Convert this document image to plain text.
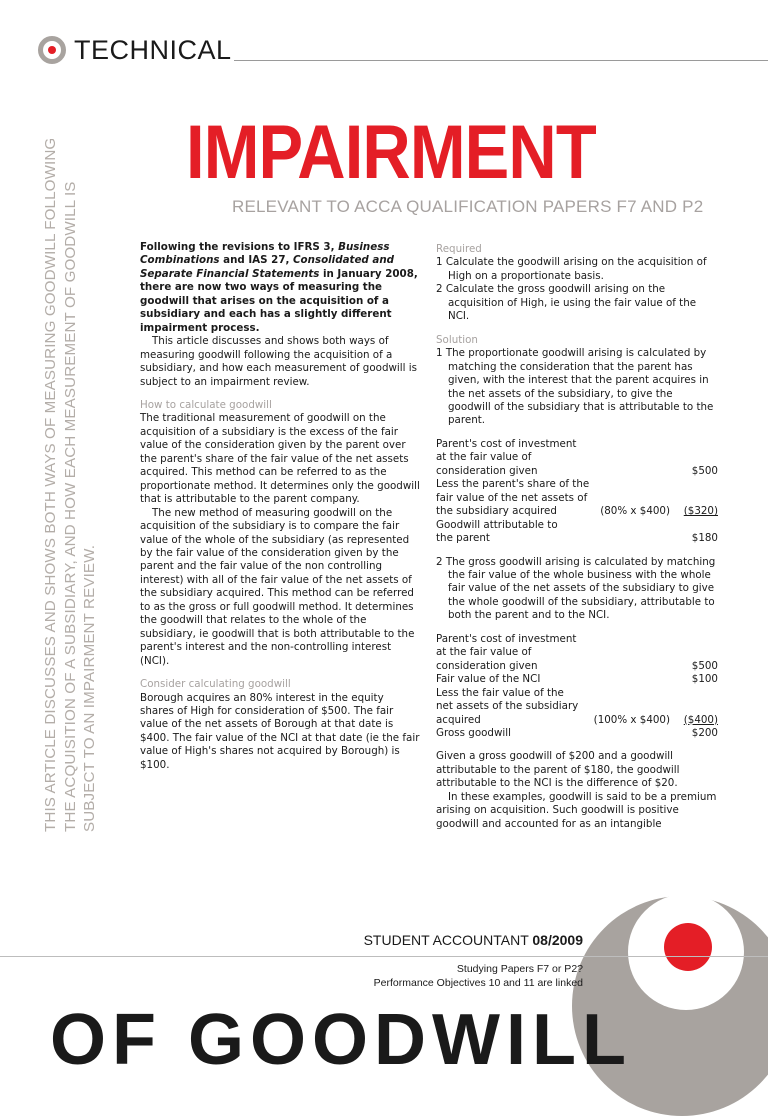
TECHNICAL
THIS ARTICLE DISCUSSES AND SHOWS BOTH WAYS OF MEASURING GOODWILL FOLLOWING THE ACQUISITION OF A SUBSIDIARY, AND HOW EACH MEASUREMENT OF GOODWILL IS SUBJECT TO AN IMPAIRMENT REVIEW.
IMPAIRMENT
RELEVANT TO ACCA QUALIFICATION PAPERS F7 AND P2

Following the revisions to IFRS 3, Business Combinations and IAS 27, Consolidated and Separate Financial Statements in January 2008, there are now two ways of measuring the goodwill that arises on the acquisition of a subsidiary and each has a slightly different impairment process.

This article discusses and shows both ways of measuring goodwill following the acquisition of a subsidiary, and how each measurement of goodwill is subject to an impairment review.

How to calculate goodwill

The traditional measurement of goodwill on the acquisition of a subsidiary is the excess of the fair value of the consideration given by the parent over the parent's share of the fair value of the net assets acquired. This method can be referred to as the proportionate method. It determines only the goodwill that is attributable to the parent company.

The new method of measuring goodwill on the acquisition of the subsidiary is to compare the fair value of the whole of the subsidiary (as represented by the fair value of the consideration given by the parent and the fair value of the non controlling interest) with all of the fair value of the net assets of the subsidiary acquired. This method can be referred to as the gross or full goodwill method. It determines the goodwill that relates to the whole of the subsidiary, ie goodwill that is both attributable to the parent's interest and the non-controlling interest (NCI).

Consider calculating goodwill

Borough acquires an 80% interest in the equity shares of High for consideration of $500. The fair value of the net assets of Borough at that date is $400. The fair value of the NCI at that date (ie the fair value of High's shares not acquired by Borough) is $100.

Required

1 Calculate the goodwill arising on the acquisition of High on a proportionate basis.

2 Calculate the gross goodwill arising on the acquisition of High, ie using the fair value of the NCI.

Solution

1 The proportionate goodwill arising is calculated by matching the consideration that the parent has given, with the interest that the parent acquires in the net assets of the subsidiary, to give the goodwill of the subsidiary that is attributable to the parent.

Parent's cost of investment
at the fair value of
consideration given	$500
Less the parent's share of the
fair value of the net assets of
the subsidiary acquired	(80% x $400)	($320)
Goodwill attributable to
the parent	$180

2 The gross goodwill arising is calculated by matching the fair value of the whole business with the whole fair value of the net assets of the subsidiary to give the whole goodwill of the subsidiary, attributable to both the parent and to the NCI.

Parent's cost of investment
at the fair value of
consideration given	$500
Fair value of the NCI	$100
Less the fair value of the
net assets of the subsidiary
acquired	(100% x $400)	($400)
Gross goodwill	$200

Given a gross goodwill of $200 and a goodwill attributable to the parent of $180, the goodwill attributable to the NCI is the difference of $20.

In these examples, goodwill is said to be a premium arising on acquisition. Such goodwill is positive goodwill and accounted for as an intangible

STUDENT ACCOUNTANT 08/2009
Studying Papers F7 or P2?
Performance Objectives 10 and 11 are linked
OF GOODWILL
